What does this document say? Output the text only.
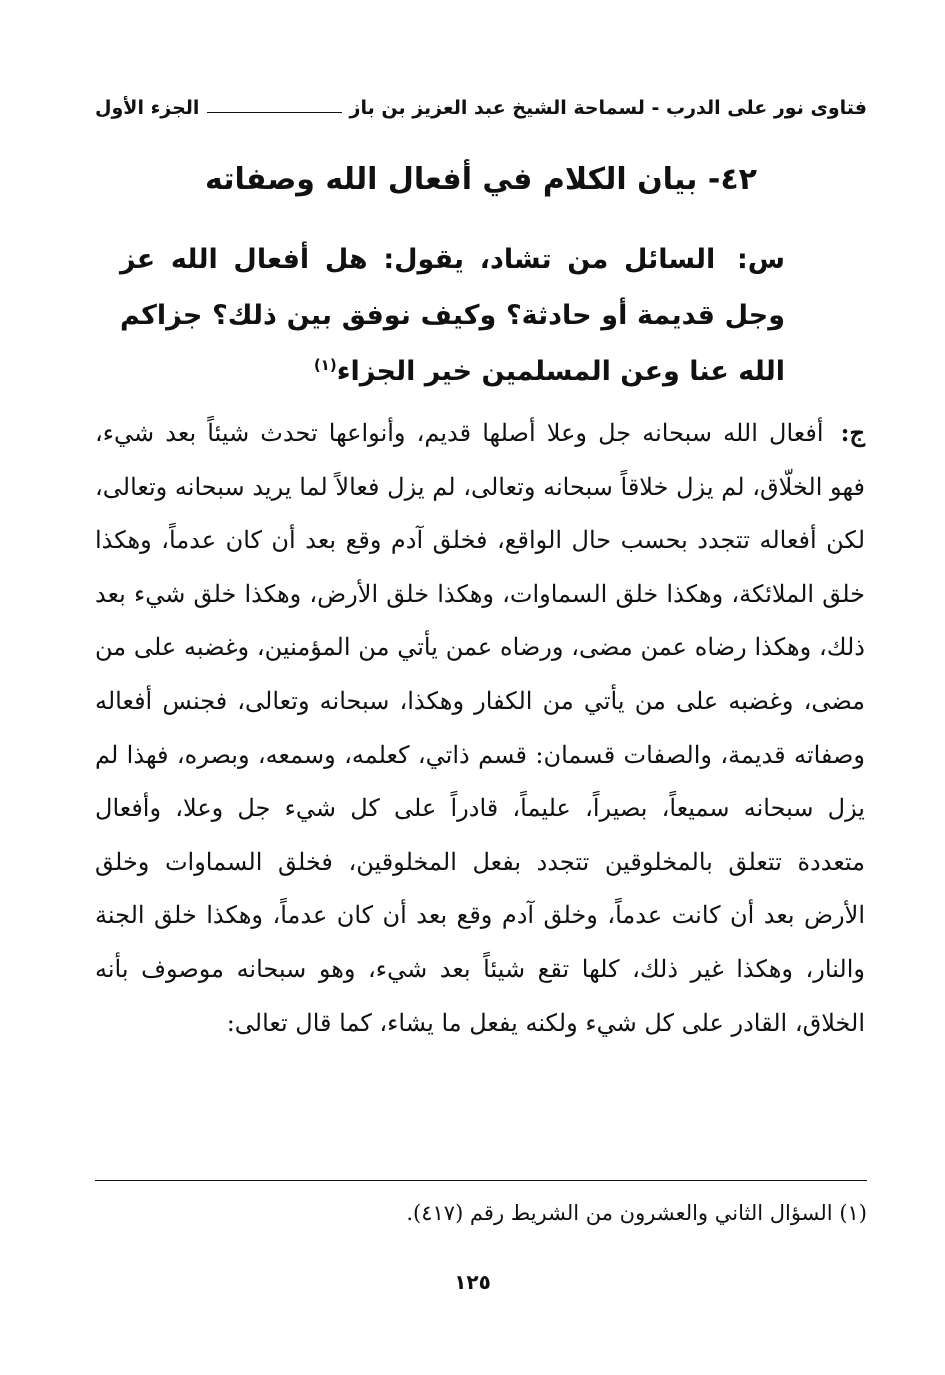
فتاوى نور على الدرب - لسماحة الشيخ عبد العزيز بن باز
الجزء الأول
٤٢- بيان الكلام في أفعال الله وصفاته
س: السائل من تشاد، يقول: هل أفعال الله عز وجل قديمة أو حادثة؟ وكيف نوفق بين ذلك؟ جزاكم الله عنا وعن المسلمين خير الجزاء$^{(١)}$
ج: أفعال الله سبحانه جل وعلا أصلها قديم، وأنواعها تحدث شيئاً بعد شيء، فهو الخلّاق، لم يزل خلاقاً سبحانه وتعالى، لم يزل فعالاً لما يريد سبحانه وتعالى، لكن أفعاله تتجدد بحسب حال الواقع، فخلق آدم وقع بعد أن كان عدماً، وهكذا خلق الملائكة، وهكذا خلق السماوات، وهكذا خلق الأرض، وهكذا خلق شيء بعد ذلك، وهكذا رضاه عمن مضى، ورضاه عمن يأتي من المؤمنين، وغضبه على من مضى، وغضبه على من يأتي من الكفار وهكذا، سبحانه وتعالى، فجنس أفعاله وصفاته قديمة، والصفات قسمان: قسم ذاتي، كعلمه، وسمعه، وبصره، فهذا لم يزل سبحانه سميعاً، بصيراً، عليماً، قادراً على كل شيء جل وعلا، وأفعال متعددة تتعلق بالمخلوقين تتجدد بفعل المخلوقين، فخلق السماوات وخلق الأرض بعد أن كانت عدماً، وخلق آدم وقع بعد أن كان عدماً، وهكذا خلق الجنة والنار، وهكذا غير ذلك، كلها تقع شيئاً بعد شيء، وهو سبحانه موصوف بأنه الخلاق، القادر على كل شيء ولكنه يفعل ما يشاء، كما قال تعالى:
(١) السؤال الثاني والعشرون من الشريط رقم (٤١٧).
١٢٥
